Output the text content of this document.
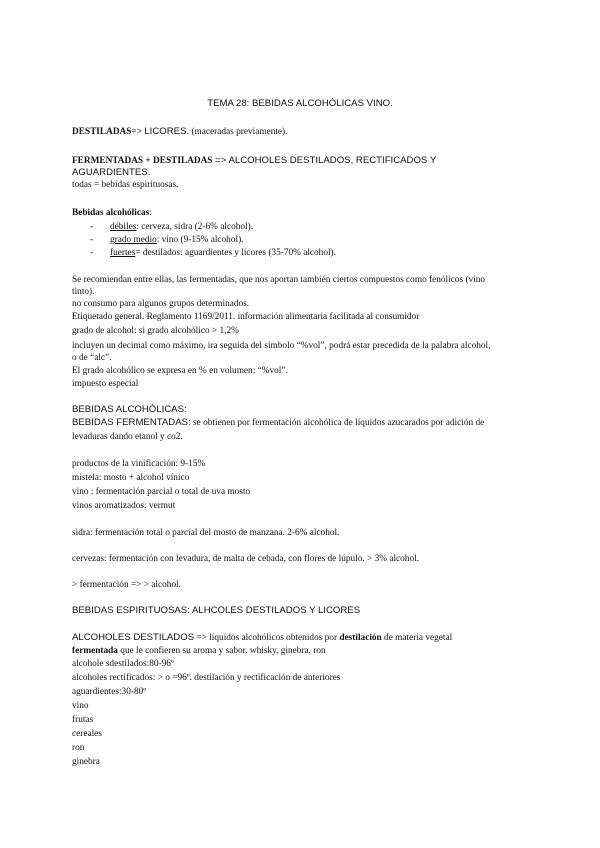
TEMA 28: BEBIDAS ALCOHÓLICAS VINO.
DESTILADAS=> LICORES. (maceradas previamente).
FERMENTADAS + DESTILADAS => ALCOHOLES DESTILADOS, RECTIFICADOS Y
AGUARDIENTES.
todas = bebidas espirituosas.
Bebidas alcohólicas:
- débiles: cerveza, sidra (2-6% alcohol).
- grado medio: vino (9-15% alcohol).
- fuertes= destilados: aguardientes y licores (35-70% alcohol).
Se recomiendan entre ellas, las fermentadas, que nos aportan también ciertos compuestos como fenólicos (vino
tinto).
no consumo para algunos grupos determinados.
Etiquetado general. Reglamento 1169/2011. información alimentaria facilitada al consumidor
grado de alcohol: si grado alcohólico > 1,2%
incluyen un decimal como máximo, ira seguida del símbolo “%vol”, podrá estar precedida de la palabra alcohol,
o de “alc”.
El grado alcohólico se expresa en % en volumen: “%vol”.
impuesto especial
BEBIDAS ALCOHÓLICAS:
BEBIDAS FERMENTADAS: se obtienen por fermentación alcohólica de líquidos azucarados por adición de
levaduras dando etanol y co2.
productos de la vinificación: 9-15%
mistela: mosto + alcohol vínico
vino : fermentación parcial o total de uva mosto
vinos aromatizados: vermut
sidra: fermentación total o parcial del mosto de manzana. 2-6% alcohol.
cervezas: fermentación con levadura, de malta de cebada, con flores de lúpulo. > 3% alcohol.
> fermentación => > alcohol.
BEBIDAS ESPIRITUOSAS: ALHCOLES DESTILADOS Y LICORES
ALCOHOLES DESTILADOS => líquidos alcohólicos obtenidos por destilación de materia vegetal
fermentada que le confieren su aroma y sabor. whisky, ginebra, ron
alcohole sdestilados:80-96º
alcoholes rectificados: > o =96º. destilación y rectificación de anteriores
aguardientes:30-80º
vino
frutas
cereales
ron
ginebra
